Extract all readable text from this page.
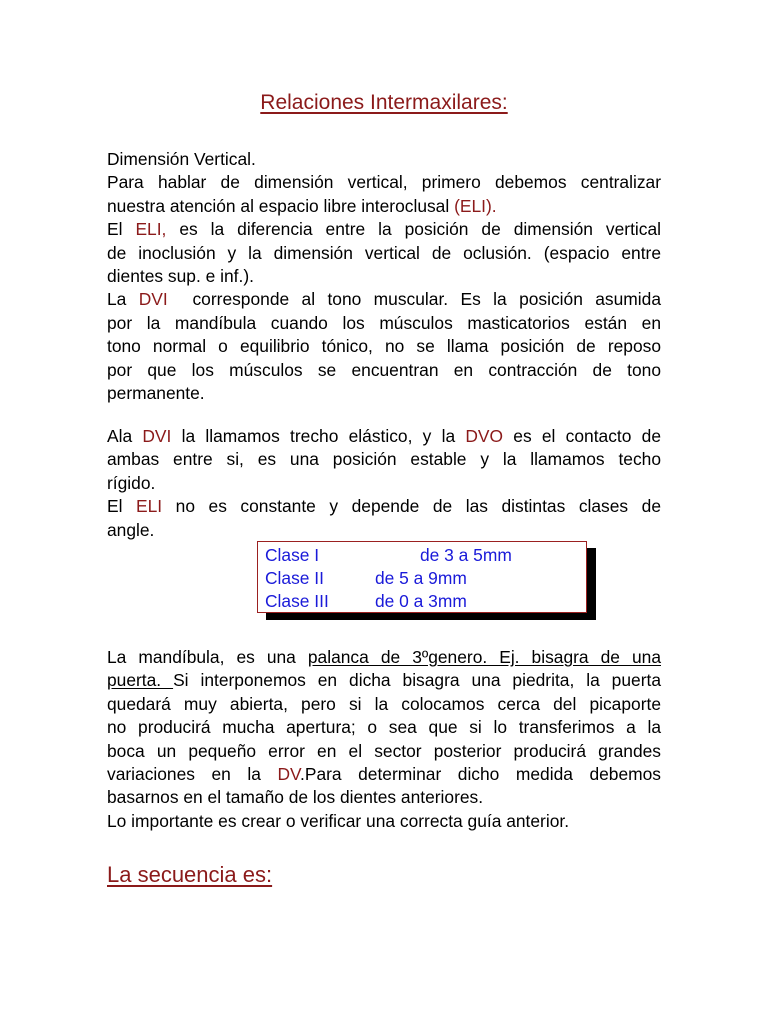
Relaciones Intermaxilares:
Dimensión Vertical.
Para hablar de dimensión vertical, primero debemos centralizar
nuestra atención al espacio libre interoclusal (ELI).
El ELI, es la diferencia entre la posición de dimensión vertical
de inoclusión y la dimensión vertical de oclusión. (espacio entre
dientes sup. e inf.).
La DVI  corresponde al tono muscular. Es la posición asumida
por la mandíbula cuando los músculos masticatorios están en
tono normal o equilibrio tónico, no se llama posición de reposo
por que los músculos se encuentran en contracción de tono
permanente.
Ala DVI la llamamos trecho elástico, y la DVO es el contacto de
ambas entre si, es una posición estable y la llamamos techo
rígido.
El ELI no es constante y depende de las distintas clases de
angle.
Clase I	de 3 a 5mm
Clase II	de 5 a 9mm
Clase III	de 0 a 3mm
La mandíbula, es una palanca de 3ºgenero. Ej. bisagra de una
puerta. Si interponemos en dicha bisagra una piedrita, la puerta
quedará muy abierta, pero si la colocamos cerca del picaporte
no producirá mucha apertura; o sea que si lo transferimos a la
boca un pequeño error en el sector posterior producirá grandes
variaciones en la DV.Para determinar dicho medida debemos
basarnos en el tamaño de los dientes anteriores.
Lo importante es crear o verificar una correcta guía anterior.
La secuencia es:
